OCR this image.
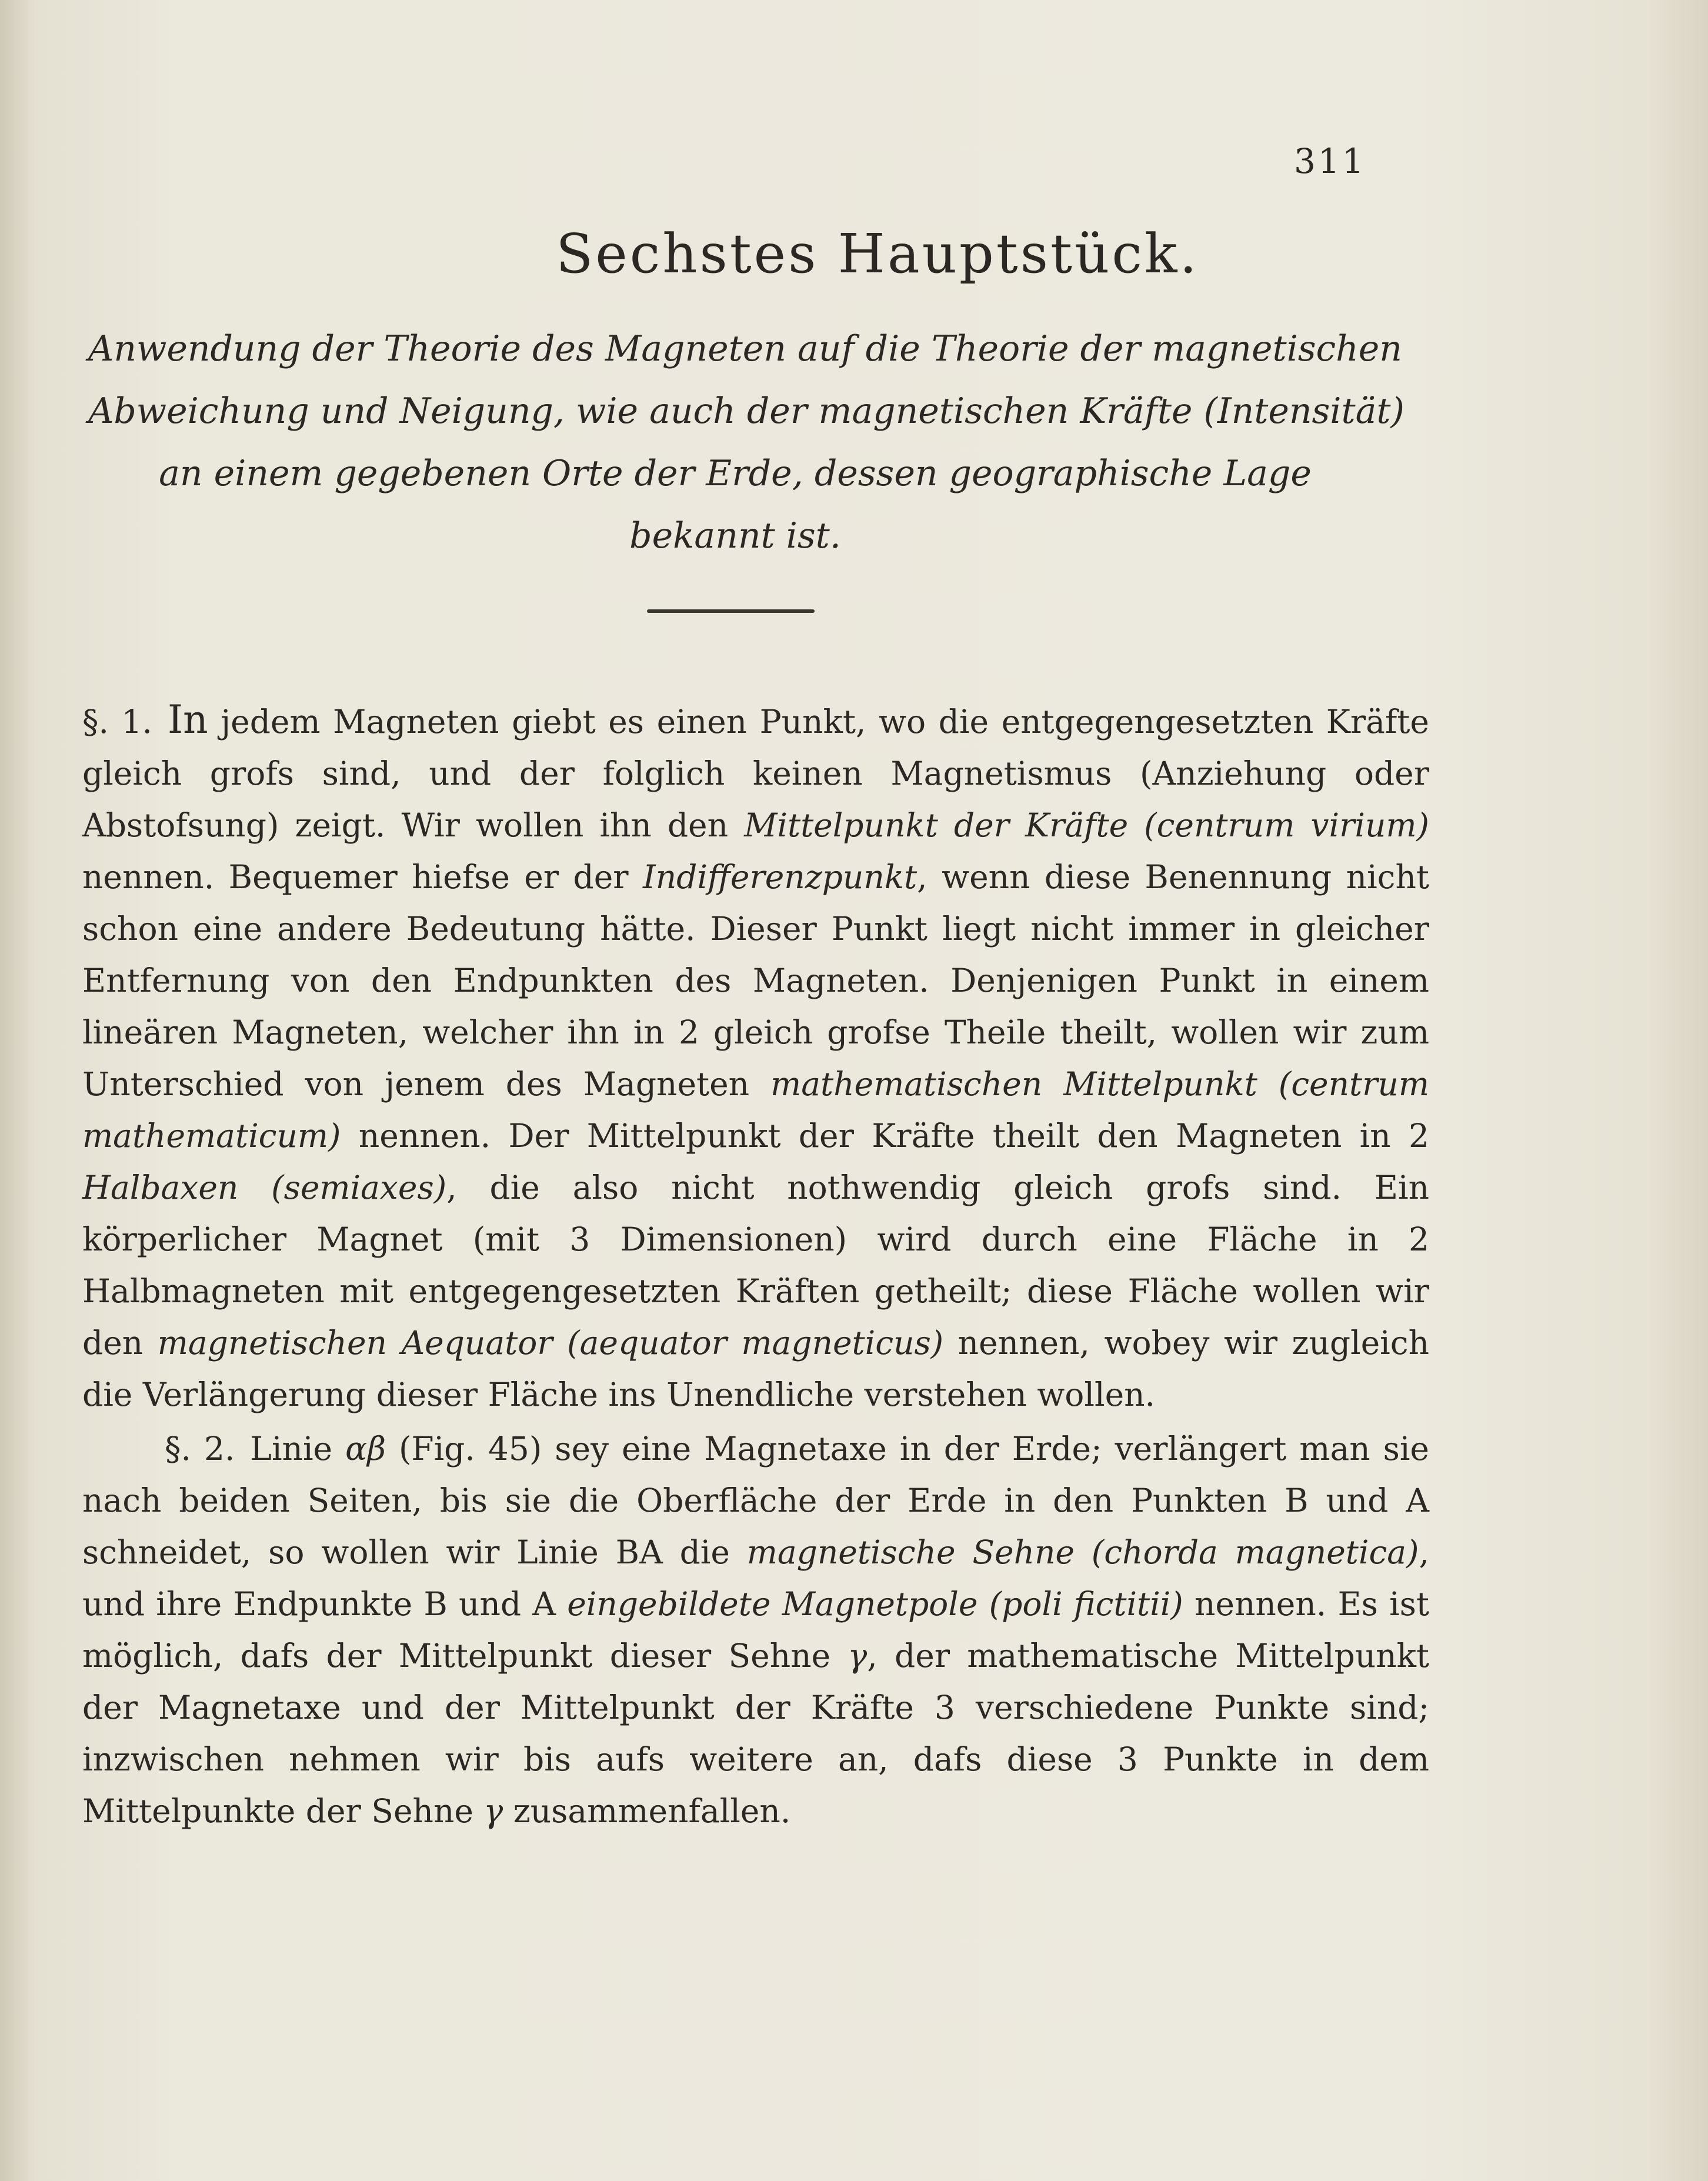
311
Sechstes Hauptstück.
Anwendung der Theorie des Magneten auf die Theorie der magnetischen
Abweichung und Neigung, wie auch der magnetischen Kräfte (Intensität)
an einem gegebenen Orte der Erde, dessen geographische Lage
bekannt ist.

§. 1. In jedem Magneten giebt es einen Punkt, wo die entgegengesetzten Kräfte gleich grofs sind, und der folglich keinen Magnetismus (Anziehung oder Abstofsung) zeigt. Wir wollen ihn den Mittelpunkt der Kräfte (centrum virium) nennen. Bequemer hiefse er der Indifferenzpunkt, wenn diese Benennung nicht schon eine andere Bedeutung hätte. Dieser Punkt liegt nicht immer in gleicher Entfernung von den Endpunkten des Magneten. Denjenigen Punkt in einem lineären Magneten, welcher ihn in 2 gleich grofse Theile theilt, wollen wir zum Unterschied von jenem des Magneten mathematischen Mittelpunkt (centrum mathematicum) nennen. Der Mittelpunkt der Kräfte theilt den Magneten in 2 Halbaxen (semiaxes), die also nicht nothwendig gleich grofs sind. Ein körperlicher Magnet (mit 3 Dimensionen) wird durch eine Fläche in 2 Halbmagneten mit entgegengesetzten Kräften getheilt; diese Fläche wollen wir den magnetischen Aequator (aequator magneticus) nennen, wobey wir zugleich die Verlängerung dieser Fläche ins Unendliche verstehen wollen.

§. 2. Linie αβ (Fig. 45) sey eine Magnetaxe in der Erde; verlängert man sie nach beiden Seiten, bis sie die Oberfläche der Erde in den Punkten B und A schneidet, so wollen wir Linie BA die magnetische Sehne (chorda magnetica), und ihre Endpunkte B und A eingebildete Magnetpole (poli fictitii) nennen. Es ist möglich, dafs der Mittelpunkt dieser Sehne γ, der mathematische Mittelpunkt der Magnetaxe und der Mittelpunkt der Kräfte 3 verschiedene Punkte sind; inzwischen nehmen wir bis aufs weitere an, dafs diese 3 Punkte in dem Mittelpunkte der Sehne γ zusammenfallen.
